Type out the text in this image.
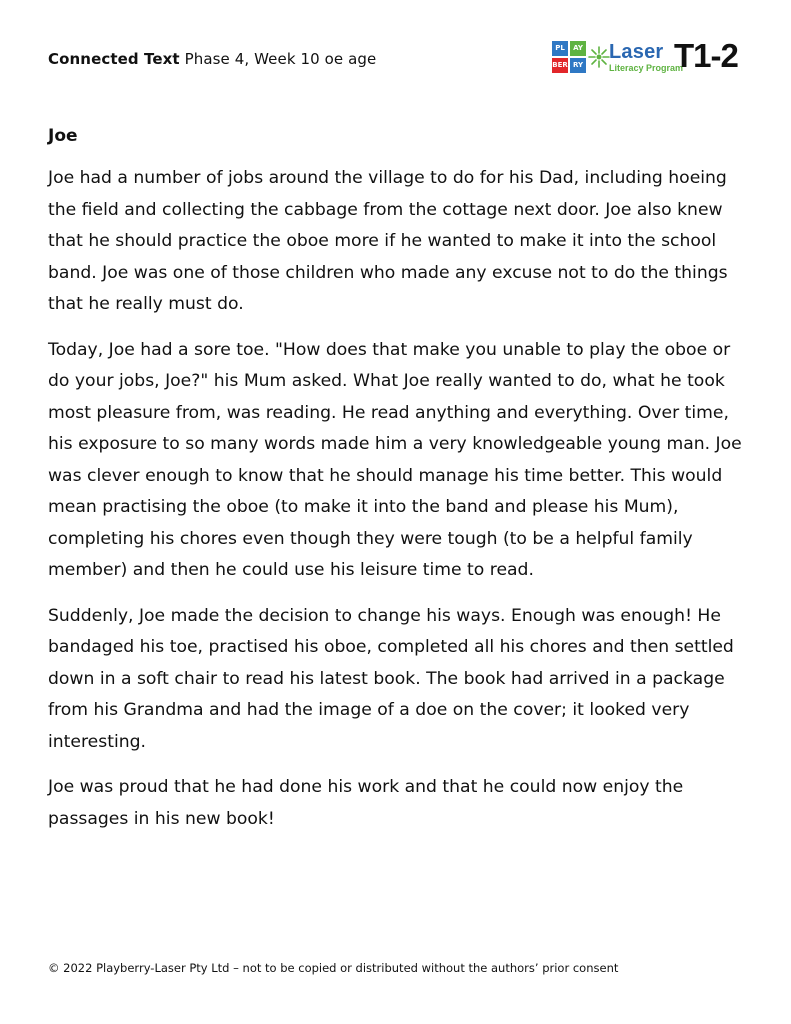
Connected Text Phase 4, Week 10 oe age
PL	AY
BER RY
Laser
Literacy Program
T1-2
Joe

Joe had a number of jobs around the village to do for his Dad, including hoeing the field and collecting the cabbage from the cottage next door. Joe also knew that he should practice the oboe more if he wanted to make it into the school band. Joe was one of those children who made any excuse not to do the things that he really must do.

Today, Joe had a sore toe. "How does that make you unable to play the oboe or do your jobs, Joe?" his Mum asked. What Joe really wanted to do, what he took most pleasure from, was reading. He read anything and everything. Over time, his exposure to so many words made him a very knowledgeable young man. Joe was clever enough to know that he should manage his time better. This would mean practising the oboe (to make it into the band and please his Mum), completing his chores even though they were tough (to be a helpful family member) and then he could use his leisure time to read.

Suddenly, Joe made the decision to change his ways. Enough was enough! He bandaged his toe, practised his oboe, completed all his chores and then settled down in a soft chair to read his latest book. The book had arrived in a package from his Grandma and had the image of a doe on the cover; it looked very interesting.

Joe was proud that he had done his work and that he could now enjoy the passages in his new book!

© 2022 Playberry-Laser Pty Ltd – not to be copied or distributed without the authors’ prior consent
